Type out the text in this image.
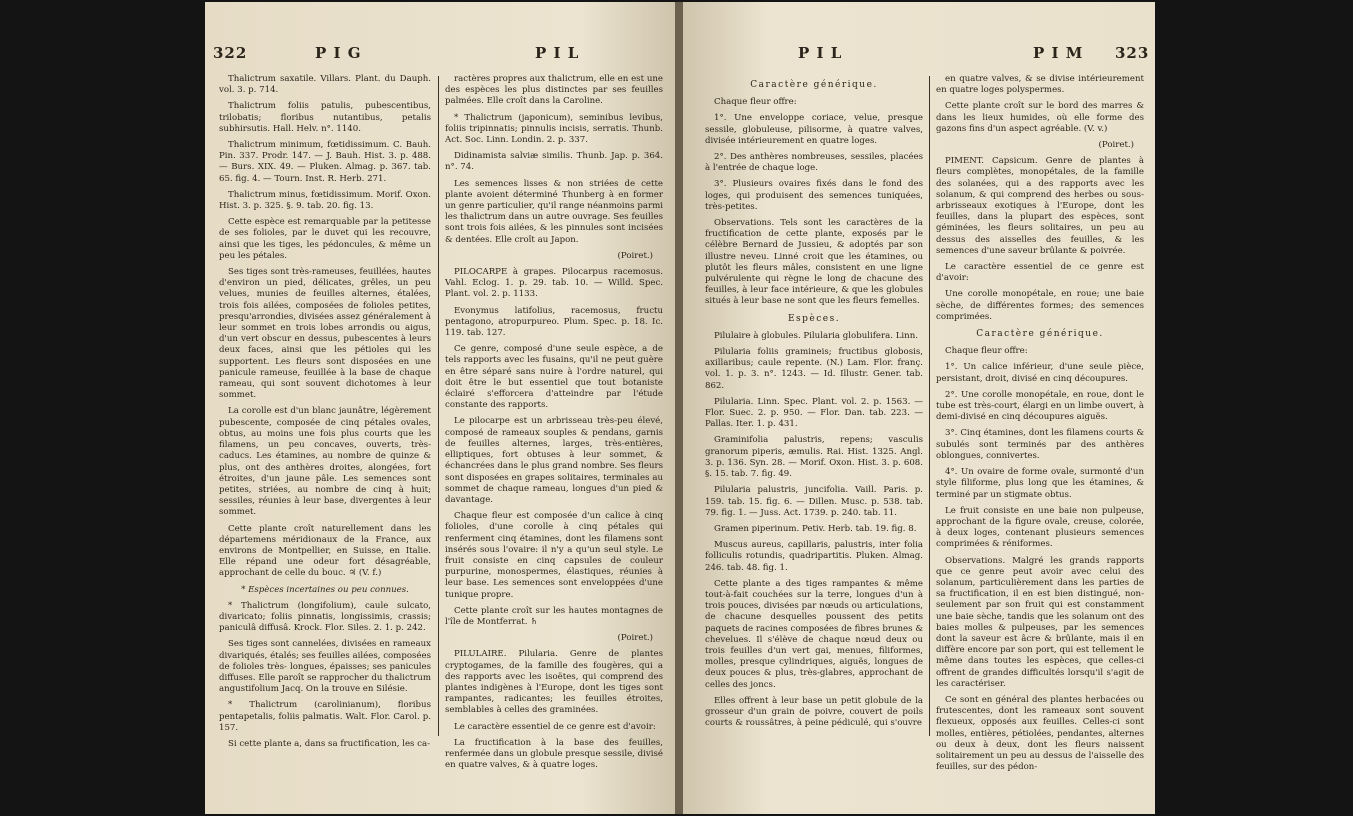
322	P I G	P I L

Thalictrum saxatile. Villars. Plant. du Dauph. vol. 3. p. 714.

Thalictrum foliis patulis, pubescentibus, trilobatis; floribus nutantibus, petalis subhirsutis. Hall. Helv. n°. 1140.

Thalictrum minimum, fœtidissimum. C. Bauh. Pin. 337. Prodr. 147. — J. Bauh. Hist. 3. p. 488. — Burs. XIX. 49. — Pluken. Almag. p. 367. tab. 65. fig. 4. — Tourn. Inst. R. Herb. 271.

Thalictrum minus, fœtidissimum. Morif. Oxon. Hist. 3. p. 325. §. 9. tab. 20. fig. 13.

Cette espèce est remarquable par la petitesse de ses folioles, par le duvet qui les recouvre, ainsi que les tiges, les pédoncules, & même un peu les pétales.

Ses tiges sont très-rameuses, feuillées, hautes d'environ un pied, délicates, grêles, un peu velues, munies de feuilles alternes, étalées, trois fois ailées, composées de folioles petites, presqu'arrondies, divisées assez généralement à leur sommet en trois lobes arrondis ou aigus, d'un vert obscur en dessus, pubescentes à leurs deux faces, ainsi que les pétioles qui les supportent. Les fleurs sont disposées en une panicule rameuse, feuillée à la base de chaque rameau, qui sont souvent dichotomes à leur sommet.

La corolle est d'un blanc jaunâtre, légèrement pubescente, composée de cinq pétales ovales, obtus, au moins une fois plus courts que les filamens, un peu concaves, ouverts, très- caducs. Les étamines, au nombre de quinze & plus, ont des anthères droites, alongées, fort étroites, d'un jaune pâle. Les semences sont petites, striées, au nombre de cinq à huit; sessiles, réunies à leur base, divergentes à leur sommet.

Cette plante croît naturellement dans les départemens méridionaux de la France, aux environs de Montpellier, en Suisse, en Italie. Elle répand une odeur fort désagréable, approchant de celle du bouc. ♃ (V. f.)

* Espèces incertaines ou peu connues.

* Thalictrum (longifolium), caule sulcato, divaricato; foliis pinnatis, longissimis, crassis; paniculâ diffusâ. Krock. Flor. Siles. 2. 1. p. 242.

Ses tiges sont cannelées, divisées en rameaux divariqués, étalés; ses feuilles ailées, composées de folioles très- longues, épaisses; ses panicules diffuses. Elle paroît se rapprocher du thalictrum angustifolium Jacq. On la trouve en Silésie.

* Thalictrum (carolinianum), floribus pentapetalis, foliis palmatis. Walt. Flor. Carol. p. 157.

Si cette plante a, dans sa fructification, les ca-

ractères propres aux thalictrum, elle en est une des espèces les plus distinctes par ses feuilles palmées. Elle croît dans la Caroline.

* Thalictrum (japonicum), seminibus levibus, foliis tripinnatis; pinnulis incisis, serratis. Thunb. Act. Soc. Linn. Londin. 2. p. 337.

Didinamista salviæ similis. Thunb. Jap. p. 364. n°. 74.

Les semences lisses & non striées de cette plante avoient déterminé Thunberg à en former un genre particulier, qu'il range néanmoins parmi les thalictrum dans un autre ouvrage. Ses feuilles sont trois fois ailées, & les pinnules sont incisées & dentées. Elle croît au Japon.

(Poiret.)

PILOCARPE à grapes. Pilocarpus racemosus. Vahl. Eclog. 1. p. 29. tab. 10. — Willd. Spec. Plant. vol. 2. p. 1133.

Evonymus latifolius, racemosus, fructu pentagono, atropurpureo. Plum. Spec. p. 18. Ic. 119. tab. 127.

Ce genre, composé d'une seule espèce, a de tels rapports avec les fusains, qu'il ne peut guère en être séparé sans nuire à l'ordre naturel, qui doit être le but essentiel que tout botaniste éclairé s'efforcera d'atteindre par l'étude constante des rapports.

Le pilocarpe est un arbrisseau très-peu élevé, composé de rameaux souples & pendans, garnis de feuilles alternes, larges, très-entières, elliptiques, fort obtuses à leur sommet, & échancrées dans le plus grand nombre. Ses fleurs sont disposées en grapes solitaires, terminales au sommet de chaque rameau, longues d'un pied & davantage.

Chaque fleur est composée d'un calice à cinq folioles, d'une corolle à cinq pétales qui renferment cinq étamines, dont les filamens sont insérés sous l'ovaire: il n'y a qu'un seul style. Le fruit consiste en cinq capsules de couleur purpurine, monospermes, élastiques, réunies à leur base. Les semences sont enveloppées d'une tunique propre.

Cette plante croît sur les hautes montagnes de l'île de Montferrat. ♄

(Poiret.)

PILULAIRE. Pilularia. Genre de plantes cryptogames, de la famille des fougères, qui a des rapports avec les isoëtes, qui comprend des plantes indigènes à l'Europe, dont les tiges sont rampantes, radicantes; les feuilles étroites, semblables à celles des graminées.

Le caractère essentiel de ce genre est d'avoir:

La fructification à la base des feuilles, renfermée dans un globule presque sessile, divisé en quatre valves, & à quatre loges.

P I L	P I M 323

Caractère générique.

Chaque fleur offre:

1°. Une enveloppe coriace, velue, presque sessile, globuleuse, pilisorme, à quatre valves, divisée intérieurement en quatre loges.

2°. Des anthères nombreuses, sessiles, placées à l'entrée de chaque loge.

3°. Plusieurs ovaires fixés dans le fond des loges, qui produisent des semences tuniquées, très-petites.

Observations. Tels sont les caractères de la fructification de cette plante, exposés par le célèbre Bernard de Jussieu, & adoptés par son illustre neveu. Linné croit que les étamines, ou plutôt les fleurs mâles, consistent en une ligne pulvérulente qui règne le long de chacune des feuilles, à leur face intérieure, & que les globules situés à leur base ne sont que les fleurs femelles.

Espèces.

Pilulaire à globules. Pilularia globulifera. Linn.

Pilularia foliis gramineis; fructibus globosis, axillaribus; caule repente. (N.) Lam. Flor. franç. vol. 1. p. 3. n°. 1243. — Id. Illustr. Gener. tab. 862.

Pilularia. Linn. Spec. Plant. vol. 2. p. 1563. — Flor. Suec. 2. p. 950. — Flor. Dan. tab. 223. — Pallas. Iter. 1. p. 431.

Graminifolia palustris, repens; vasculis granorum piperis, æmulis. Rai. Hist. 1325. Angl. 3. p. 136. Syn. 28. — Morif. Oxon. Hist. 3. p. 608. §. 15. tab. 7. fig. 49.

Pilularia palustris, juncifolia. Vaill. Paris. p. 159. tab. 15. fig. 6. — Dillen. Musc. p. 538. tab. 79. fig. 1. — Juss. Act. 1739. p. 240. tab. 11.

Gramen piperinum. Petiv. Herb. tab. 19. fig. 8.

Muscus aureus, capillaris, palustris, inter folia folliculis rotundis, quadripartitis. Pluken. Almag. 246. tab. 48. fig. 1.

Cette plante a des tiges rampantes & même tout-à-fait couchées sur la terre, longues d'un à trois pouces, divisées par nœuds ou articulations, de chacune desquelles poussent des petits paquets de racines composées de fibres brunes & chevelues. Il s'élève de chaque nœud deux ou trois feuilles d'un vert gai, menues, filiformes, molles, presque cylindriques, aiguës, longues de deux pouces & plus, très-glabres, approchant de celles des joncs.

Elles offrent à leur base un petit globule de la grosseur d'un grain de poivre, couvert de poils courts & roussâtres, à peine pédiculé, qui s'ouvre

en quatre valves, & se divise intérieurement en quatre loges polyspermes.

Cette plante croît sur le bord des marres & dans les lieux humides, où elle forme des gazons fins d'un aspect agréable. (V. v.)

(Poiret.)

PIMENT. Capsicum. Genre de plantes à fleurs complètes, monopétales, de la famille des solanées, qui a des rapports avec les solanum, & qui comprend des herbes ou sous-arbrisseaux exotiques à l'Europe, dont les feuilles, dans la plupart des espèces, sont géminées, les fleurs solitaires, un peu au dessus des aisselles des feuilles, & les semences d'une saveur brûlante & poivrée.

Le caractère essentiel de ce genre est d'avoir:

Une corolle monopétale, en roue; une baie sèche, de différentes formes; des semences comprimées.

Caractère générique.

Chaque fleur offre:

1°. Un calice inférieur, d'une seule pièce, persistant, droit, divisé en cinq découpures.

2°. Une corolle monopétale, en roue, dont le tube est très-court, élargi en un limbe ouvert, à demi-divisé en cinq découpures aiguës.

3°. Cinq étamines, dont les filamens courts & subulés sont terminés par des anthères oblongues, connivertes.

4°. Un ovaire de forme ovale, surmonté d'un style filiforme, plus long que les étamines, & terminé par un stigmate obtus.

Le fruit consiste en une baie non pulpeuse, approchant de la figure ovale, creuse, colorée, à deux loges, contenant plusieurs semences comprimées & réniformes.

Observations. Malgré les grands rapports que ce genre peut avoir avec celui des solanum, particulièrement dans les parties de sa fructification, il en est bien distingué, non-seulement par son fruit qui est constamment une baie sèche, tandis que les solanum ont des baies molles & pulpeuses, par les semences dont la saveur est âcre & brûlante, mais il en diffère encore par son port, qui est tellement le même dans toutes les espèces, que celles-ci offrent de grandes difficultés lorsqu'il s'agit de les caractériser.

Ce sont en général des plantes herbacées ou frutescentes, dont les rameaux sont souvent flexueux, opposés aux feuilles. Celles-ci sont molles, entières, pétiolées, pendantes, alternes ou deux à deux, dont les fleurs naissent solitairement un peu au dessus de l'aisselle des feuilles, sur des pédon-
